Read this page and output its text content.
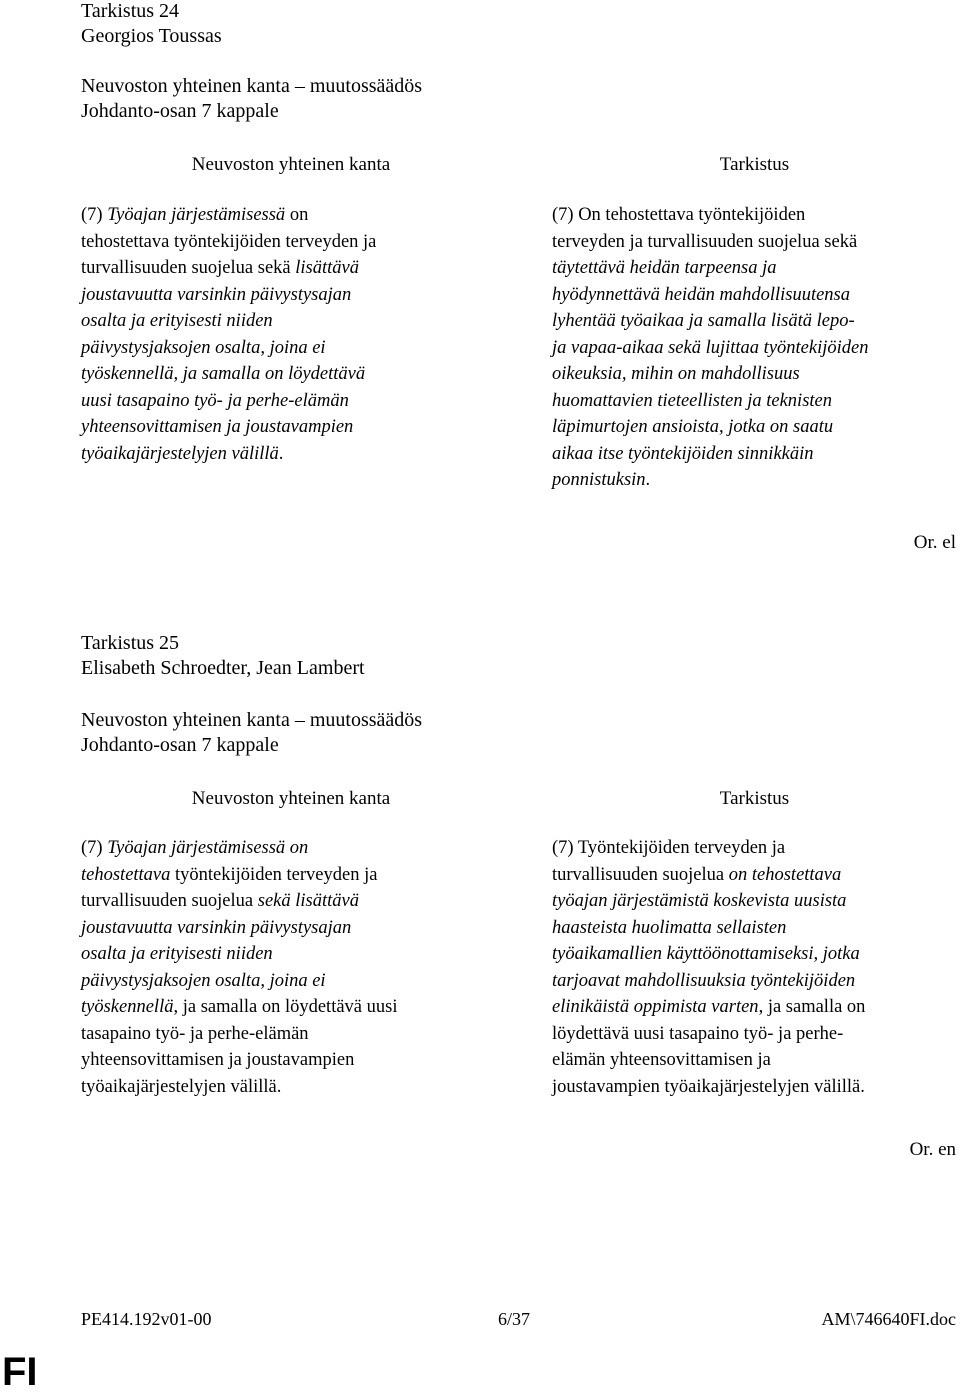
Tarkistus 24
Georgios Toussas
Neuvoston yhteinen kanta – muutossäädös
Johdanto-osan 7 kappale
Neuvoston yhteinen kanta	Tarkistus
(7) Työajan järjestämisessä on
tehostettava työntekijöiden terveyden ja
turvallisuuden suojelua sekä lisättävä
joustavuutta varsinkin päivystysajan
osalta ja erityisesti niiden
päivystysjaksojen osalta, joina ei
työskennellä, ja samalla on löydettävä
uusi tasapaino työ- ja perhe-elämän
yhteensovittamisen ja joustavampien
työaikajärjestelyjen välillä.
(7) On tehostettava työntekijöiden
terveyden ja turvallisuuden suojelua sekä
täytettävä heidän tarpeensa ja
hyödynnettävä heidän mahdollisuutensa
lyhentää työaikaa ja samalla lisätä lepo-
ja vapaa-aikaa sekä lujittaa työntekijöiden
oikeuksia, mihin on mahdollisuus
huomattavien tieteellisten ja teknisten
läpimurtojen ansioista, jotka on saatu
aikaa itse työntekijöiden sinnikkäin
ponnistuksin.
Or. el
Tarkistus 25
Elisabeth Schroedter, Jean Lambert
Neuvoston yhteinen kanta – muutossäädös
Johdanto-osan 7 kappale
Neuvoston yhteinen kanta	Tarkistus
(7) Työajan järjestämisessä on
tehostettava työntekijöiden terveyden ja
turvallisuuden suojelua sekä lisättävä
joustavuutta varsinkin päivystysajan
osalta ja erityisesti niiden
päivystysjaksojen osalta, joina ei
työskennellä, ja samalla on löydettävä uusi
tasapaino työ- ja perhe-elämän
yhteensovittamisen ja joustavampien
työaikajärjestelyjen välillä.
(7) Työntekijöiden terveyden ja
turvallisuuden suojelua on tehostettava
työajan järjestämistä koskevista uusista
haasteista huolimatta sellaisten
työaikamallien käyttöönottamiseksi, jotka
tarjoavat mahdollisuuksia työntekijöiden
elinikäistä oppimista varten, ja samalla on
löydettävä uusi tasapaino työ- ja perhe-
elämän yhteensovittamisen ja
joustavampien työaikajärjestelyjen välillä.
Or. en
PE414.192v01-00	6/37	AM\746640FI.doc
FI
